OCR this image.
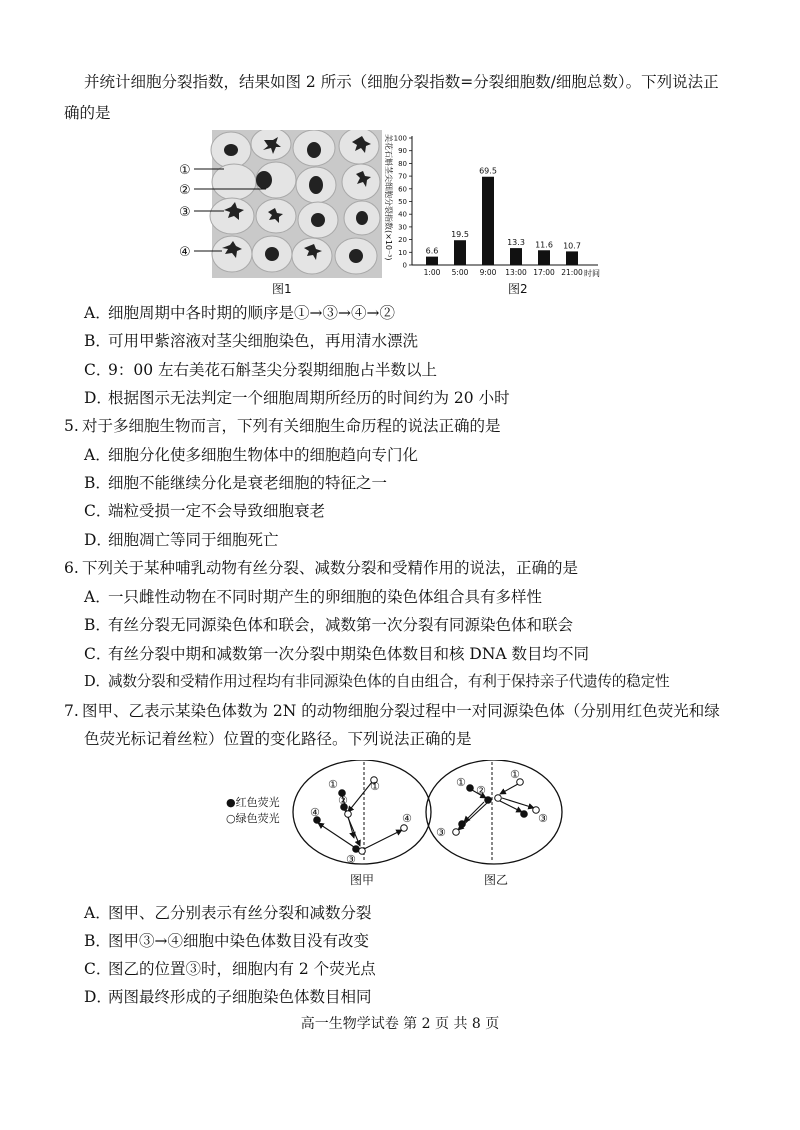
并统计细胞分裂指数，结果如图 2 所示（细胞分裂指数=分裂细胞数/细胞总数）。下列说法正
确的是
①
②
③
④
图1
美花石斛茎尖细胞分裂指数(×10⁻³)
时间
0
10
20
30
40
50
60
70
80
90
100
6.6
1:00
19.5
5:00
69.5
9:00
13.3
13:00
11.6
17:00
10.7
21:00
图2
A．细胞周期中各时期的顺序是①→③→④→②
B．可用甲紫溶液对茎尖细胞染色，再用清水漂洗
C．9：00 左右美花石斛茎尖分裂期细胞占半数以上
D．根据图示无法判定一个细胞周期所经历的时间约为 20 小时
5. 对于多细胞生物而言，下列有关细胞生命历程的说法正确的是
A．细胞分化使多细胞生物体中的细胞趋向专门化
B．细胞不能继续分化是衰老细胞的特征之一
C．端粒受损一定不会导致细胞衰老
D．细胞凋亡等同于细胞死亡
6. 下列关于某种哺乳动物有丝分裂、减数分裂和受精作用的说法，正确的是
A．一只雌性动物在不同时期产生的卵细胞的染色体组合具有多样性
B．有丝分裂无同源染色体和联会，减数第一次分裂有同源染色体和联会
C．有丝分裂中期和减数第一次分裂中期染色体数目和核 DNA 数目均不同
D．减数分裂和受精作用过程均有非同源染色体的自由组合，有利于保持亲子代遗传的稳定性
7. 图甲、乙表示某染色体数为 2N 的动物细胞分裂过程中一对同源染色体（分别用红色荧光和绿
色荧光标记着丝粒）位置的变化路径。下列说法正确的是
●红色荧光
○绿色荧光
①	①
②
④	④
③
图甲
①
①
②
③
③
图乙
A．图甲、乙分别表示有丝分裂和减数分裂
B．图甲③→④细胞中染色体数目没有改变
C．图乙的位置③时，细胞内有 2 个荧光点
D．两图最终形成的子细胞染色体数目相同
高一生物学试卷 第 2 页 共 8 页
